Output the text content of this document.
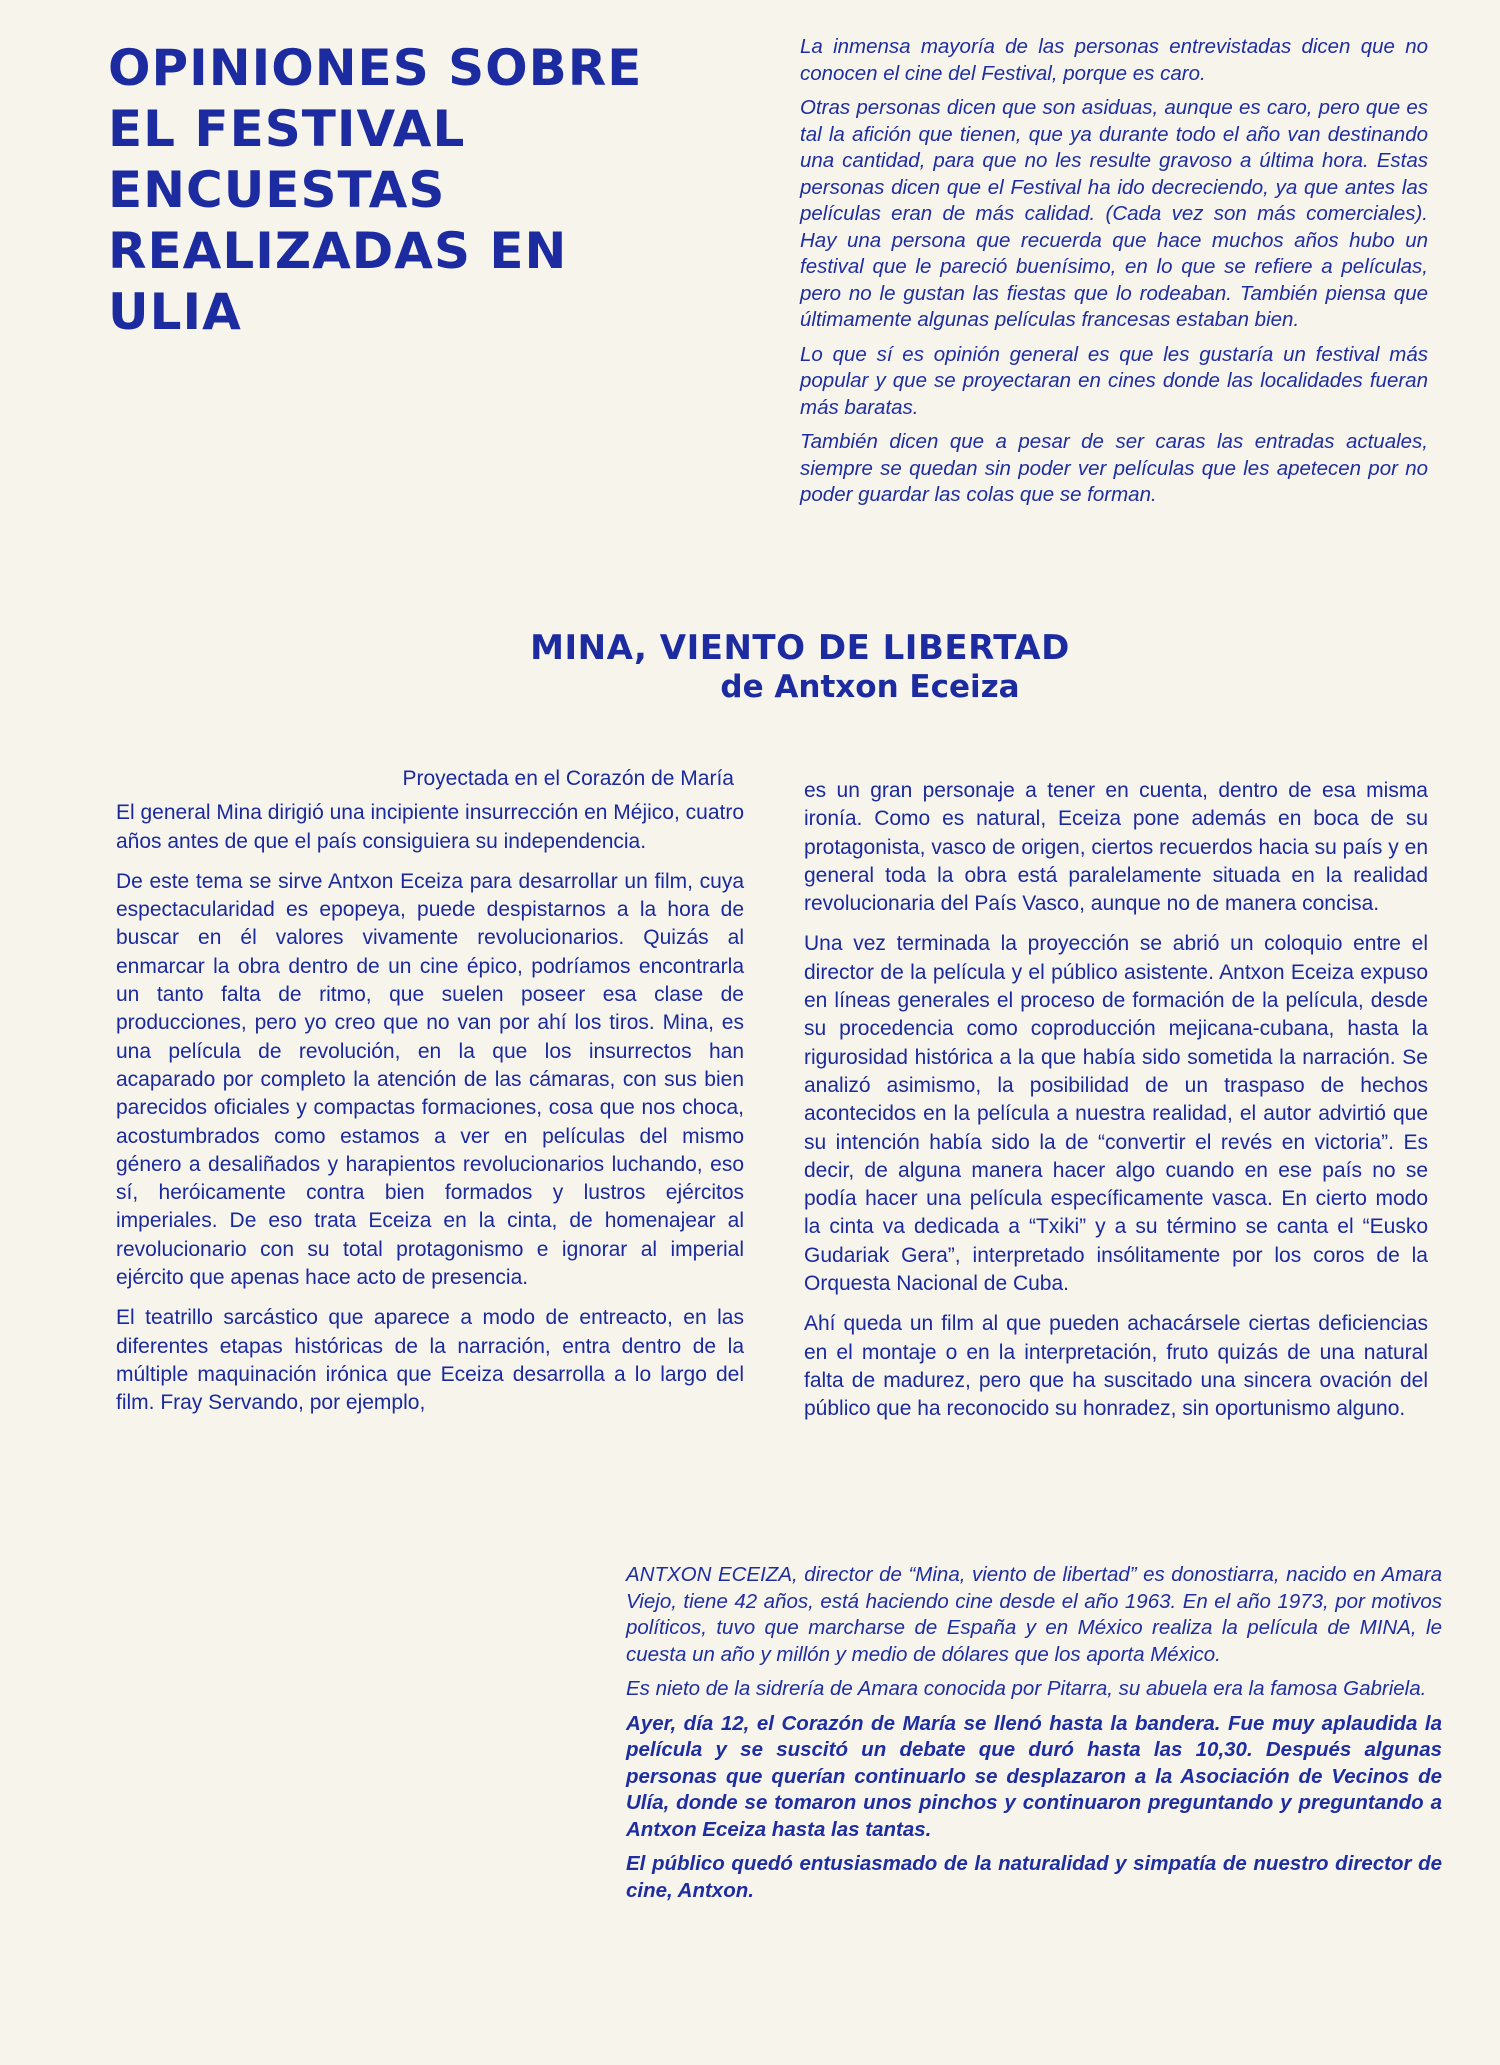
OPINIONES SOBRE
EL FESTIVAL
ENCUESTAS
REALIZADAS EN
ULIA

La inmensa mayoría de las personas entrevistadas dicen que no conocen el cine del Festival, porque es caro.

Otras personas dicen que son asiduas, aunque es caro, pero que es tal la afición que tienen, que ya durante todo el año van destinando una cantidad, para que no les resulte gravoso a última hora. Estas personas dicen que el Festival ha ido decreciendo, ya que antes las películas eran de más calidad. (Cada vez son más comerciales). Hay una persona que recuerda que hace muchos años hubo un festival que le pareció buenísimo, en lo que se refiere a películas, pero no le gustan las fiestas que lo rodeaban. También piensa que últimamente algunas películas francesas estaban bien.

Lo que sí es opinión general es que les gustaría un festival más popular y que se proyectaran en cines donde las localidades fueran más baratas.

También dicen que a pesar de ser caras las entradas actuales, siempre se quedan sin poder ver películas que les apetecen por no poder guardar las colas que se forman.

MINA, VIENTO DE LIBERTAD
de Antxon Eceiza

Proyectada en el Corazón de María

El general Mina dirigió una incipiente insurrección en Méjico, cuatro años antes de que el país consiguiera su independencia.

De este tema se sirve Antxon Eceiza para desarrollar un film, cuya espectacularidad es epopeya, puede despistarnos a la hora de buscar en él valores vivamente revolucionarios. Quizás al enmarcar la obra dentro de un cine épico, podríamos encontrarla un tanto falta de ritmo, que suelen poseer esa clase de producciones, pero yo creo que no van por ahí los tiros. Mina, es una película de revolución, en la que los insurrectos han acaparado por completo la atención de las cámaras, con sus bien parecidos oficiales y compactas formaciones, cosa que nos choca, acostumbrados como estamos a ver en películas del mismo género a desaliñados y harapientos revolucionarios luchando, eso sí, heróicamente contra bien formados y lustros ejércitos imperiales. De eso trata Eceiza en la cinta, de homenajear al revolucionario con su total protagonismo e ignorar al imperial ejército que apenas hace acto de presencia.

El teatrillo sarcástico que aparece a modo de entreacto, en las diferentes etapas históricas de la narración, entra dentro de la múltiple maquinación irónica que Eceiza desarrolla a lo largo del film. Fray Servando, por ejemplo,

es un gran personaje a tener en cuenta, dentro de esa misma ironía. Como es natural, Eceiza pone además en boca de su protagonista, vasco de origen, ciertos recuerdos hacia su país y en general toda la obra está paralelamente situada en la realidad revolucionaria del País Vasco, aunque no de manera concisa.

Una vez terminada la proyección se abrió un coloquio entre el director de la película y el público asistente. Antxon Eceiza expuso en líneas generales el proceso de formación de la película, desde su procedencia como coproducción mejicana-cubana, hasta la rigurosidad histórica a la que había sido sometida la narración. Se analizó asimismo, la posibilidad de un traspaso de hechos acontecidos en la película a nuestra realidad, el autor advirtió que su intención había sido la de “convertir el revés en victoria”. Es decir, de alguna manera hacer algo cuando en ese país no se podía hacer una película específicamente vasca. En cierto modo la cinta va dedicada a “Txiki” y a su término se canta el “Eusko Gudariak Gera”, interpretado insólitamente por los coros de la Orquesta Nacional de Cuba.

Ahí queda un film al que pueden achacársele ciertas deficiencias en el montaje o en la interpretación, fruto quizás de una natural falta de madurez, pero que ha suscitado una sincera ovación del público que ha reconocido su honradez, sin oportunismo alguno.

ANTXON ECEIZA, director de “Mina, viento de libertad” es donostiarra, nacido en Amara Viejo, tiene 42 años, está haciendo cine desde el año 1963. En el año 1973, por motivos políticos, tuvo que marcharse de España y en México realiza la película de MINA, le cuesta un año y millón y medio de dólares que los aporta México.

Es nieto de la sidrería de Amara conocida por Pitarra, su abuela era la famosa Gabriela.

Ayer, día 12, el Corazón de María se llenó hasta la bandera. Fue muy aplaudida la película y se suscitó un debate que duró hasta las 10,30. Después algunas personas que querían continuarlo se desplazaron a la Asociación de Vecinos de Ulía, donde se tomaron unos pinchos y continuaron preguntando y preguntando a Antxon Eceiza hasta las tantas.

El público quedó entusiasmado de la naturalidad y simpatía de nuestro director de cine, Antxon.
